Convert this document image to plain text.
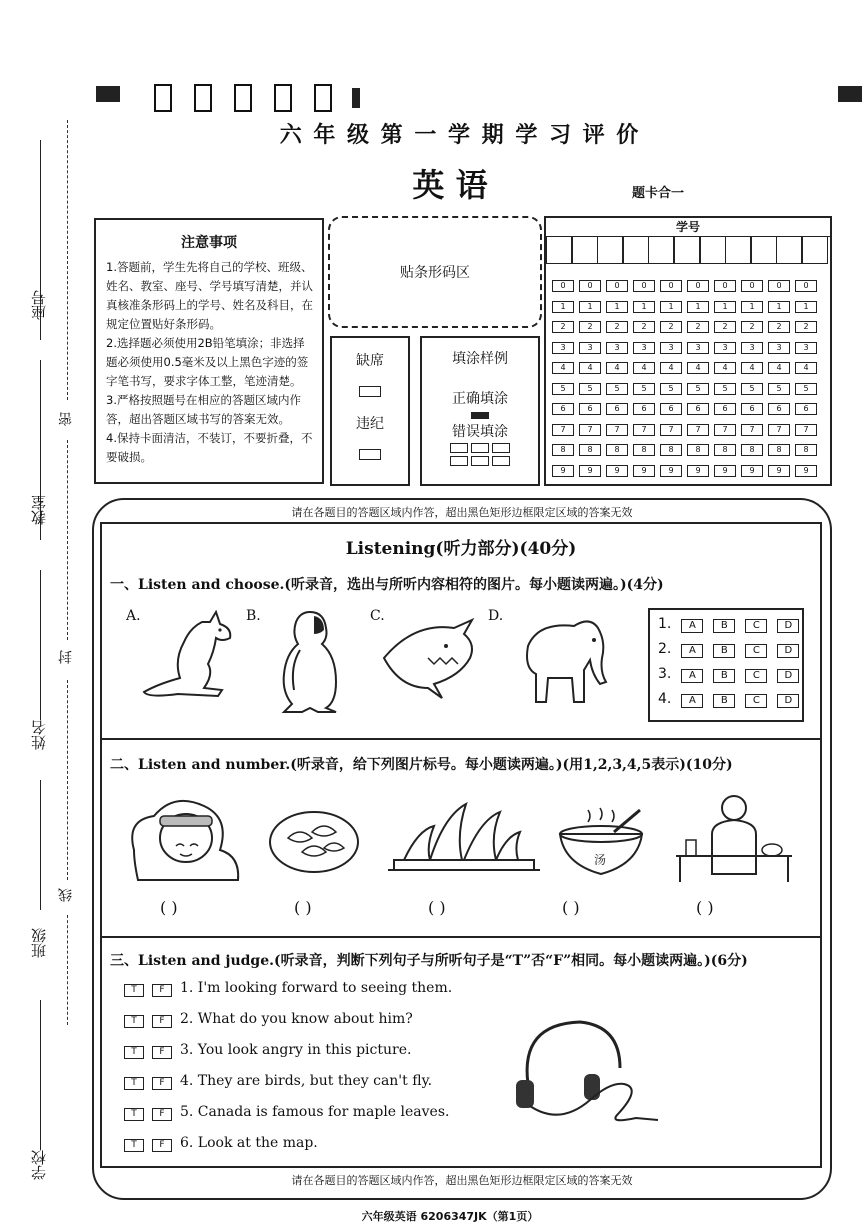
座号
教室
姓名
班级
学校
密
封
线
六 年 级 第 一 学 期 学 习 评 价
英 语	题卡合一
注意事项
1.答题前，学生先将自己的学校、班级、姓名、教室、座号、学号填写清楚，并认真核准条形码上的学号、姓名及科目，在规定位置贴好条形码。
2.选择题必须使用2B铅笔填涂；非选择题必须使用0.5毫米及以上黑色字迹的签字笔书写，要求字体工整，笔迹清楚。
3.严格按照题号在相应的答题区域内作答，超出答题区域书写的答案无效。
4.保持卡面清洁，不装订，不要折叠，不要破损。
贴条形码区
缺席
违纪
填涂样例
正确填涂
错误填涂

学号
0	0	0	0	0	0	0	0	0	0
1	1	1	1	1	1	1	1	1	1
2	2	2	2	2	2	2	2	2	2
3	3	3	3	3	3	3	3	3	3
4	4	4	4	4	4	4	4	4	4
5	5	5	5	5	5	5	5	5	5
6	6	6	6	6	6	6	6	6	6
7	7	7	7	7	7	7	7	7	7
8	8	8	8	8	8	8	8	8	8
9	9	9	9	9	9	9	9	9	9
请在各题目的答题区域内作答，超出黑色矩形边框限定区域的答案无效
Listening(听力部分)(40分)
一、Listen and choose.(听录音，选出与所听内容相符的图片。每小题读两遍。)(4分)
A.	B.	C.	D.	1. A	B	C D
2. A	B	C D
3. A	B	C D
4. A	B	C D
二、Listen and number.(听录音，给下列图片标号。每小题读两遍。)(用1,2,3,4,5表示)(10分)
汤
( )	( )	( )	( )	( )
三、Listen and judge.(听录音，判断下列句子与所听句子是“T”否“F”相同。每小题读两遍。)(6分)
T	F 1. I'm looking forward to seeing them.
T	F 2. What do you know about him?
T	F 3. You look angry in this picture.
T	F 4. They are birds, but they can't fly.
T	F 5. Canada is famous for maple leaves.
T	F 6. Look at the map.
请在各题目的答题区域内作答，超出黑色矩形边框限定区域的答案无效
六年级英语 6206347JK（第1页）
